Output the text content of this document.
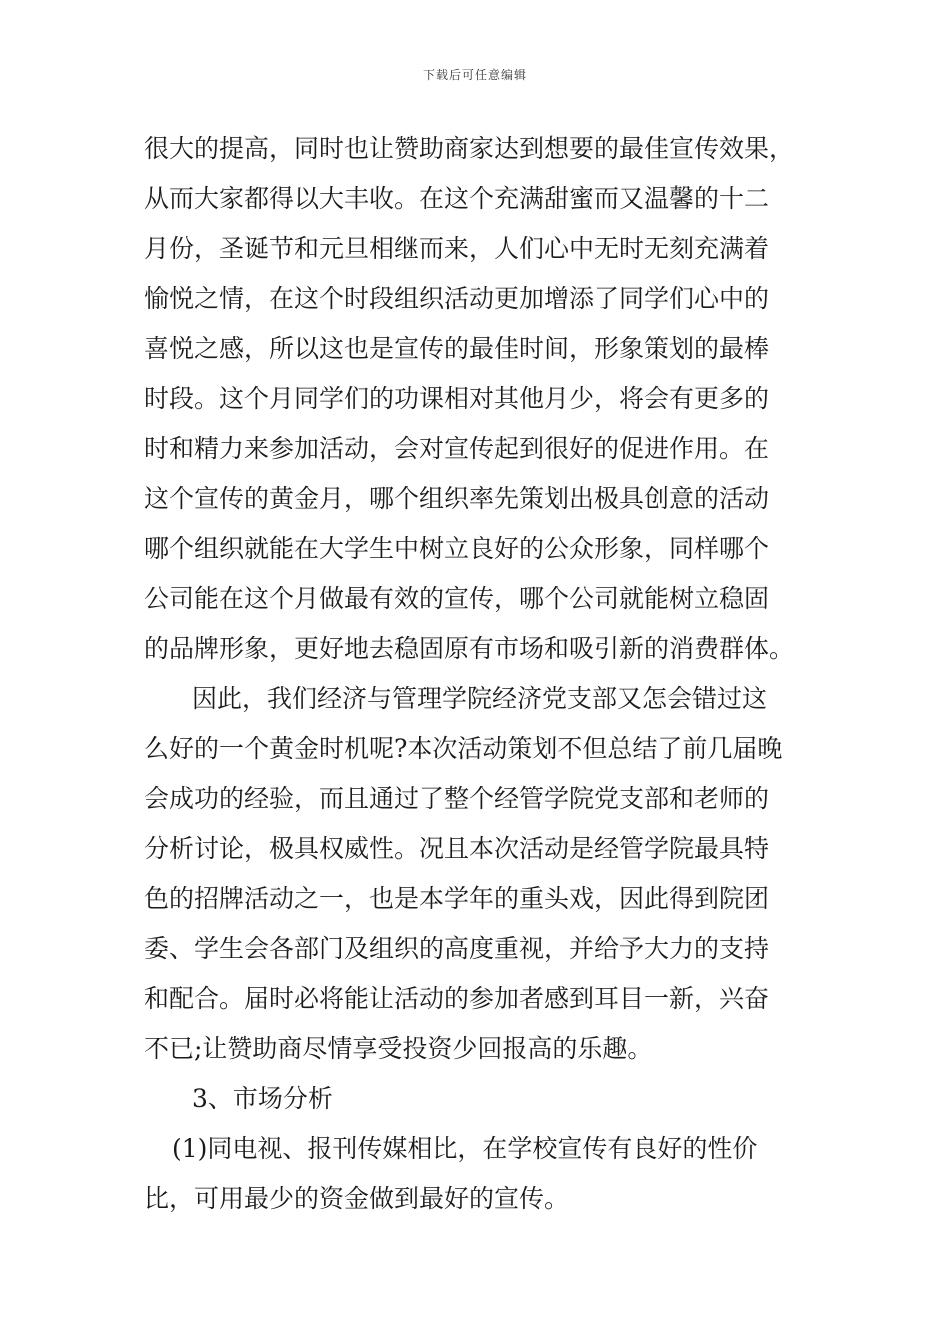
下载后可任意编辑
很大的提高，同时也让赞助商家达到想要的最佳宣传效果，
从而大家都得以大丰收。在这个充满甜蜜而又温馨的十二
月份，圣诞节和元旦相继而来，人们心中无时无刻充满着
愉悦之情，在这个时段组织活动更加增添了同学们心中的
喜悦之感，所以这也是宣传的最佳时间，形象策划的最棒
时段。这个月同学们的功课相对其他月少，将会有更多的
时和精力来参加活动，会对宣传起到很好的促进作用。在
这个宣传的黄金月，哪个组织率先策划出极具创意的活动
哪个组织就能在大学生中树立良好的公众形象，同样哪个
公司能在这个月做最有效的宣传，哪个公司就能树立稳固
的品牌形象，更好地去稳固原有市场和吸引新的消费群体。
因此，我们经济与管理学院经济党支部又怎会错过这
么好的一个黄金时机呢?本次活动策划不但总结了前几届晚
会成功的经验，而且通过了整个经管学院党支部和老师的
分析讨论，极具权威性。况且本次活动是经管学院最具特
色的招牌活动之一，也是本学年的重头戏，因此得到院团
委、学生会各部门及组织的高度重视，并给予大力的支持
和配合。届时必将能让活动的参加者感到耳目一新，兴奋
不已;让赞助商尽情享受投资少回报高的乐趣。
3、市场分析
(1)同电视、报刊传媒相比，在学校宣传有良好的性价
比，可用最少的资金做到最好的宣传。
